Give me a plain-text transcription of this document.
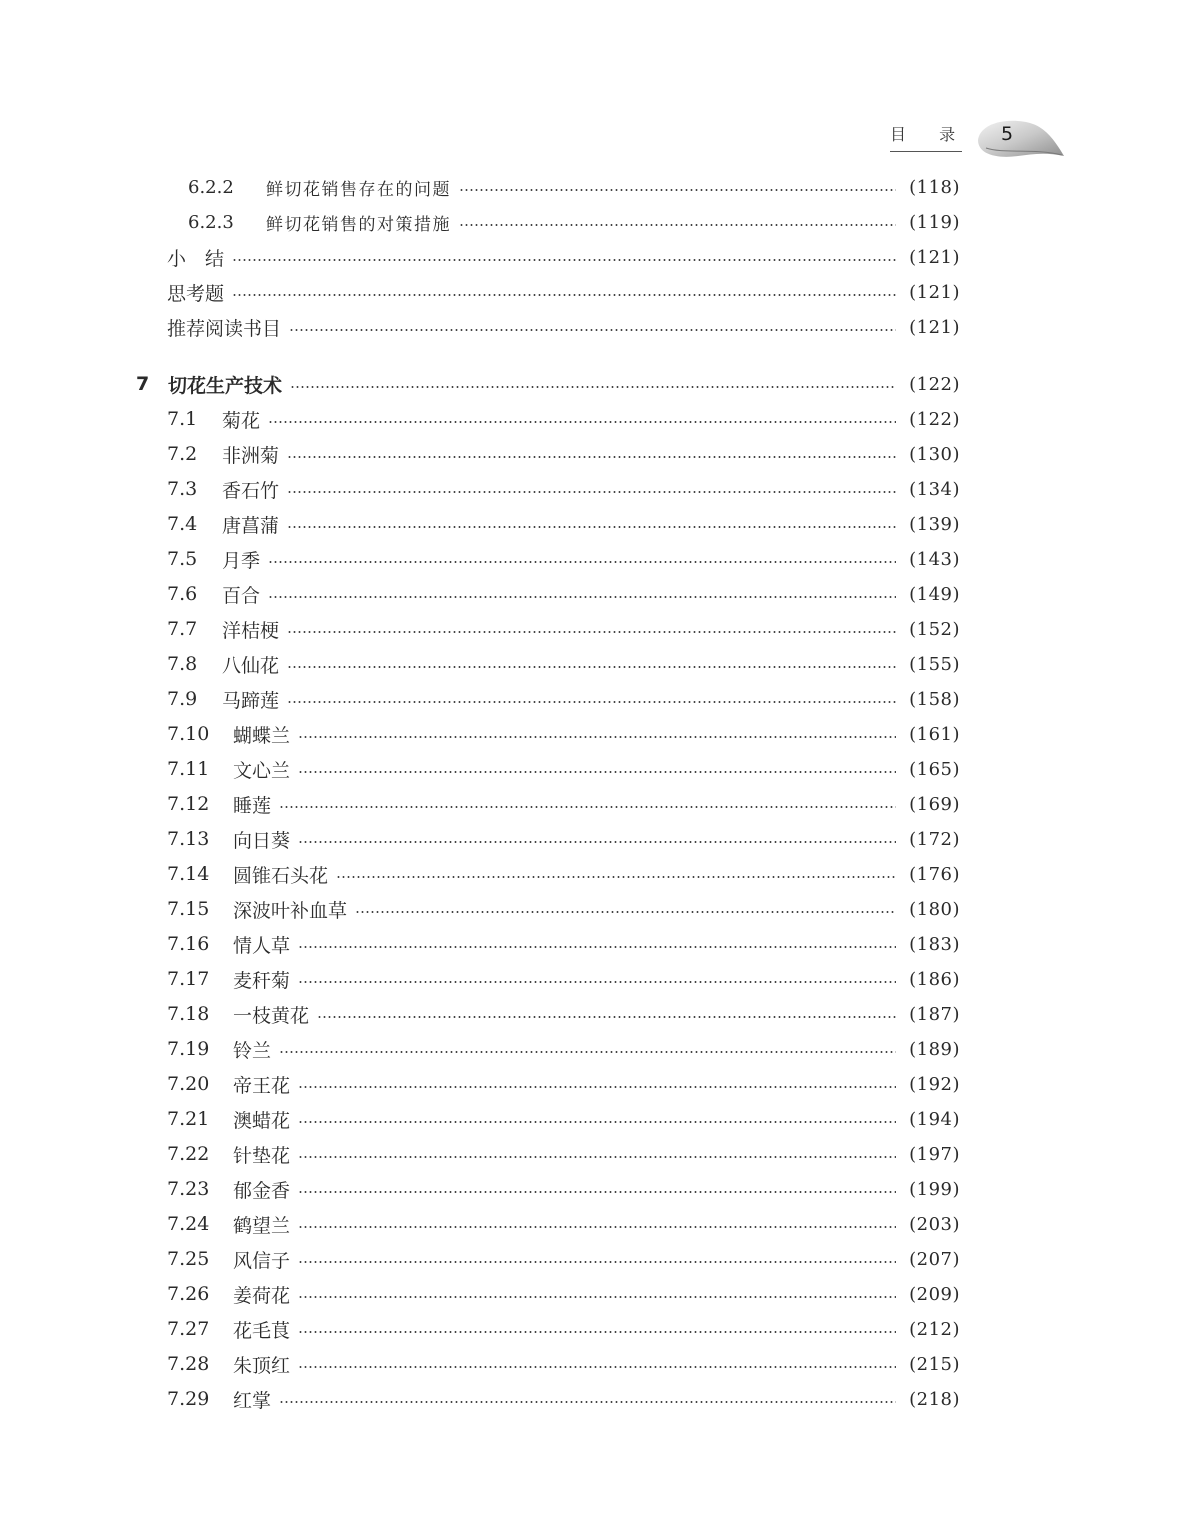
目 录	5
6.2.2	鲜切花销售存在的问题	(118)
6.2.3	鲜切花销售的对策措施	(119)
小　结	(121)
思考题	(121)
推荐阅读书目	(121)
7 切花生产技术	(122)
7.1	菊花	(122)
7.2	非洲菊	(130)
7.3	香石竹	(134)
7.4	唐菖蒲	(139)
7.5	月季	(143)
7.6	百合	(149)
7.7	洋桔梗	(152)
7.8	八仙花	(155)
7.9	马蹄莲	(158)
7.10	蝴蝶兰	(161)
7.11	文心兰	(165)
7.12	睡莲	(169)
7.13	向日葵	(172)
7.14	圆锥石头花	(176)
7.15	深波叶补血草	(180)
7.16	情人草	(183)
7.17	麦秆菊	(186)
7.18	一枝黄花	(187)
7.19	铃兰	(189)
7.20	帝王花	(192)
7.21	澳蜡花	(194)
7.22	针垫花	(197)
7.23	郁金香	(199)
7.24	鹤望兰	(203)
7.25	风信子	(207)
7.26	姜荷花	(209)
7.27	花毛茛	(212)
7.28	朱顶红	(215)
7.29	红掌	(218)
